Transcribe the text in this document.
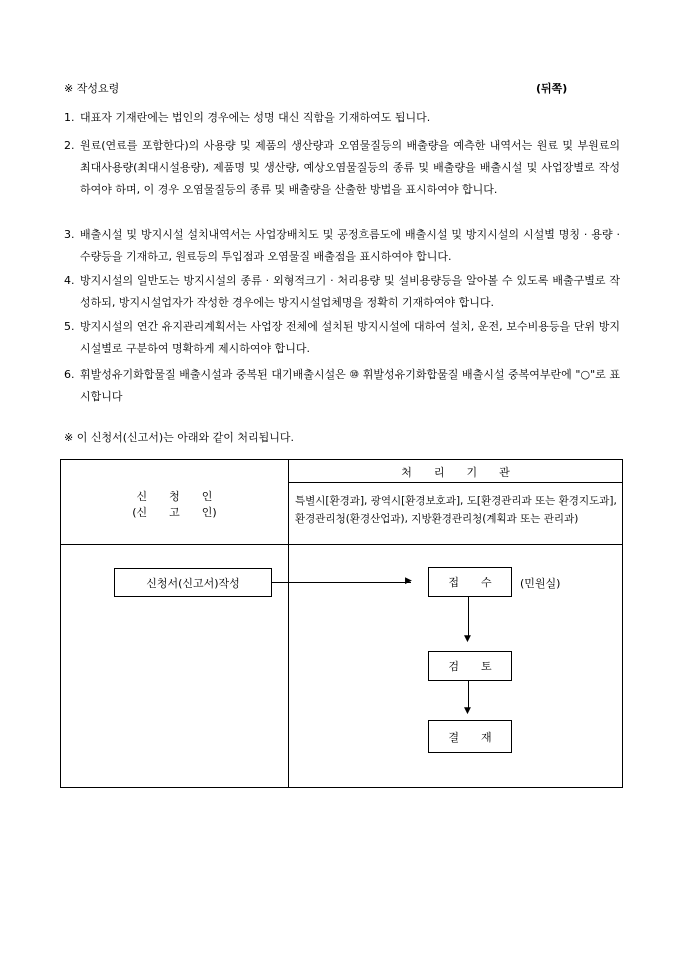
※ 작성요령	(뒤쪽)
1. 대표자 기재란에는 법인의 경우에는 성명 대신 직함을 기재하여도 됩니다.
2. 원료(연료를 포함한다)의 사용량 및 제품의 생산량과 오염물질등의 배출량을 예측한 내역서는 원료 및 부원료의 최대사용량(최대시설용량), 제품명 및 생산량, 예상오염물질등의 종류 및 배출량을 배출시설 및 사업장별로 작성하여야 하며, 이 경우 오염물질등의 종류 및 배출량을 산출한 방법을 표시하여야 합니다.
3. 배출시설 및 방지시설 설치내역서는 사업장배치도 및 공정흐름도에 배출시설 및 방지시설의 시설별 명칭 · 용량 · 수량등을 기재하고, 원료등의 투입점과 오염물질 배출점을 표시하여야 합니다.
4. 방지시설의 일반도는 방지시설의 종류 · 외형적크기 · 처리용량 및 설비용량등을 알아볼 수 있도록 배출구별로 작성하되, 방지시설업자가 작성한 경우에는 방지시설업체명을 정확히 기재하여야 합니다.
5. 방지시설의 연간 유지관리계획서는 사업장 전체에 설치된 방지시설에 대하여 설치, 운전, 보수비용등을 단위 방지시설별로 구분하여 명확하게 제시하여야 합니다.
6. 휘발성유기화합물질 배출시설과 중복된 대기배출시설은 ⑩ 휘발성유기화합물질 배출시설 중복여부란에 "○"로 표시합니다
※ 이 신청서(신고서)는 아래와 같이 처리됩니다.
신　　청　　인
(신　　고　　인)
처　　리　　기　　관
특별시[환경과], 광역시[환경보호과], 도[환경관리과 또는 환경지도과], 환경관리청(환경산업과), 지방환경관리청(계획과 또는 관리과)
신청서(신고서)작성	▶	접　　수	(민원실)
▼
검　　토
▼
결　　재
